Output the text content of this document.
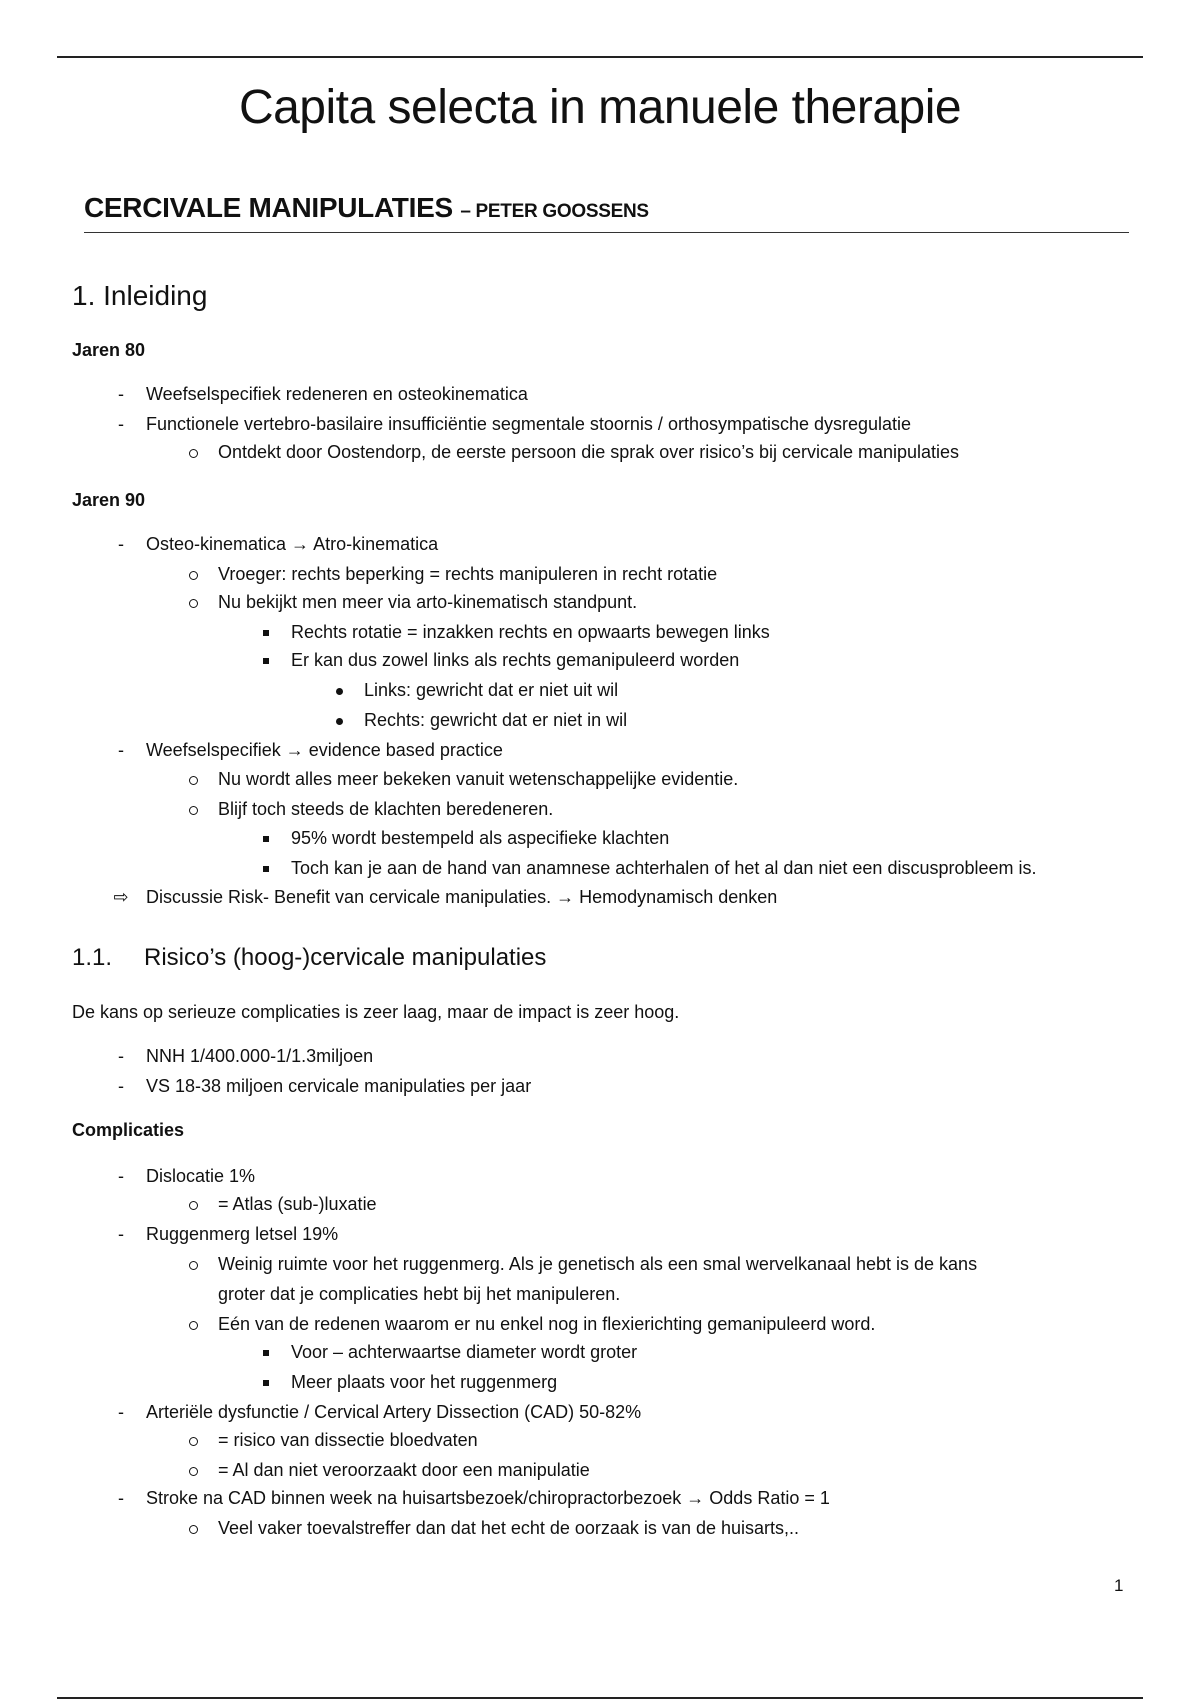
Capita selecta in manuele therapie
CERCIVALE MANIPULATIES – PETER GOOSSENS
1. Inleiding
Jaren 80
-	Weefselspecifiek redeneren en osteokinematica
-	Functionele vertebro-basilaire insufficiëntie segmentale stoornis / orthosympatische dysregulatie
Ontdekt door Oostendorp, de eerste persoon die sprak over risico’s bij cervicale manipulaties
Jaren 90
-	Osteo-kinematica → Atro-kinematica
Vroeger: rechts beperking = rechts manipuleren in recht rotatie
Nu bekijkt men meer via arto-kinematisch standpunt.
Rechts rotatie = inzakken rechts en opwaarts bewegen links
Er kan dus zowel links als rechts gemanipuleerd worden
Links: gewricht dat er niet uit wil
Rechts: gewricht dat er niet in wil
-	Weefselspecifiek → evidence based practice
Nu wordt alles meer bekeken vanuit wetenschappelijke evidentie.
Blijf toch steeds de klachten beredeneren.
95% wordt bestempeld als aspecifieke klachten
Toch kan je aan de hand van anamnese achterhalen of het al dan niet een discusprobleem is.
⇨ Discussie Risk- Benefit van cervicale manipulaties. → Hemodynamisch denken
1.1. Risico’s (hoog-)cervicale manipulaties
De kans op serieuze complicaties is zeer laag, maar de impact is zeer hoog.
-	NNH 1/400.000-1/1.3miljoen
-	VS 18-38 miljoen cervicale manipulaties per jaar
Complicaties
-	Dislocatie 1%
= Atlas (sub-)luxatie
-	Ruggenmerg letsel 19%
Weinig ruimte voor het ruggenmerg. Als je genetisch als een smal wervelkanaal hebt is de kans
groter dat je complicaties hebt bij het manipuleren.
Eén van de redenen waarom er nu enkel nog in flexierichting gemanipuleerd word.
Voor – achterwaartse diameter wordt groter
Meer plaats voor het ruggenmerg
-	Arteriële dysfunctie / Cervical Artery Dissection (CAD) 50-82%
= risico van dissectie bloedvaten
= Al dan niet veroorzaakt door een manipulatie
-	Stroke na CAD binnen week na huisartsbezoek/chiropractorbezoek → Odds Ratio = 1
Veel vaker toevalstreffer dan dat het echt de oorzaak is van de huisarts,..
1
